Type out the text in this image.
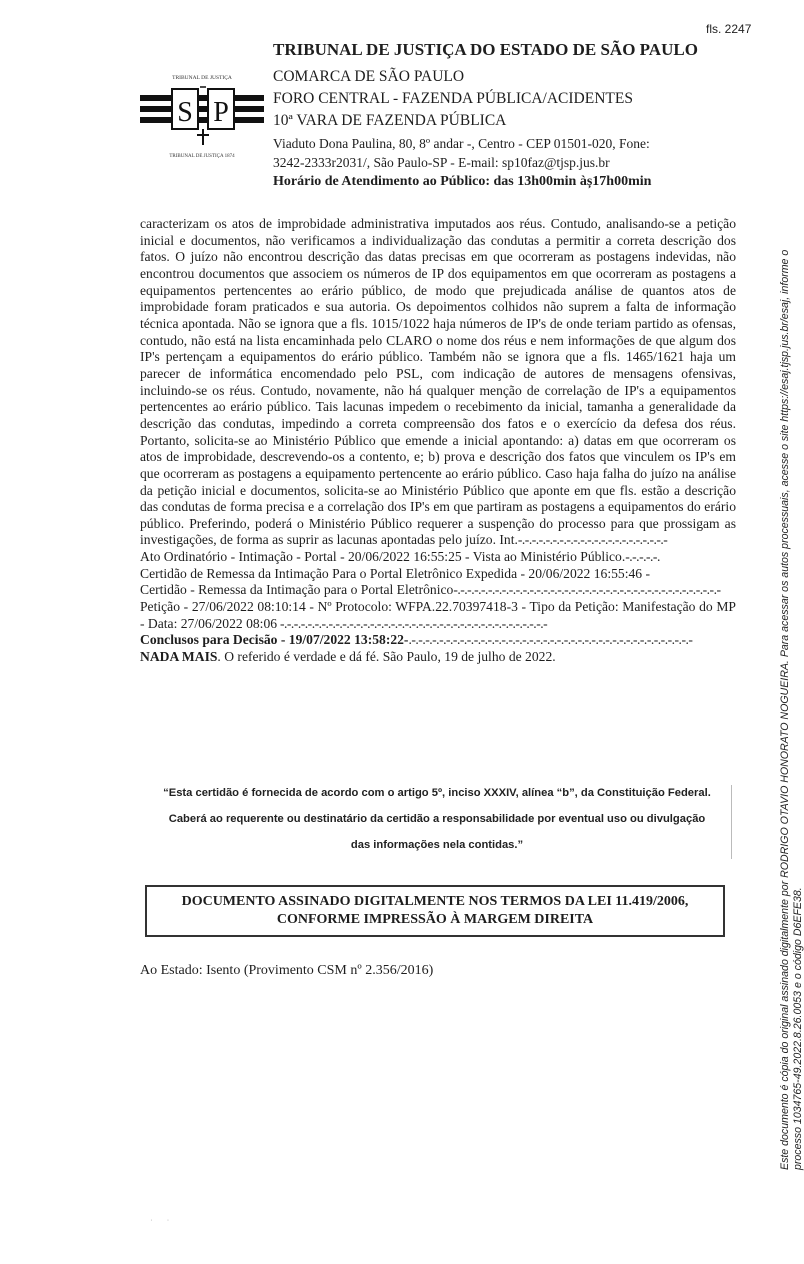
fls. 2247
TRIBUNAL DE JUSTIÇA
S P
TRIBUNAL DE JUSTIÇA 1874
TRIBUNAL DE JUSTIÇA DO ESTADO DE SÃO PAULO
COMARCA DE SÃO PAULO
FORO CENTRAL - FAZENDA PÚBLICA/ACIDENTES
10ª VARA DE FAZENDA PÚBLICA
Viaduto Dona Paulina, 80, 8º andar -, Centro - CEP 01501-020, Fone:
3242-2333r2031/, São Paulo-SP - E-mail: sp10faz@tjsp.jus.br
Horário de Atendimento ao Público: das 13h00min àș17h00min

caracterizam os atos de improbidade administrativa imputados aos réus. Contudo, analisando-se a petição inicial e documentos, não verificamos a individualização das condutas a permitir a correta descrição dos fatos. O juízo não encontrou descrição das datas precisas em que ocorreram as postagens indevidas, não encontrou documentos que associem os números de IP dos equipamentos em que ocorreram as postagens a equipamentos pertencentes ao erário público, de modo que prejudicada análise de quantos atos de improbidade foram praticados e sua autoria. Os depoimentos colhidos não suprem a falta de informação técnica apontada. Não se ignora que a fls. 1015/1022 haja números de IP's de onde teriam partido as ofensas, contudo, não está na lista encaminhada pelo CLARO o nome dos réus e nem informações de que algum dos IP's pertençam a equipamentos do erário público. Também não se ignora que a fls. 1465/1621 haja um parecer de informática encomendado pelo PSL, com indicação de autores de mensagens ofensivas, incluindo-se os réus. Contudo, novamente, não há qualquer menção de correlação de IP's a equipamentos pertencentes ao erário público. Tais lacunas impedem o recebimento da inicial, tamanha a generalidade da descrição das condutas, impedindo a correta compreensão dos fatos e o exercício da defesa dos réus. Portanto, solicita-se ao Ministério Público que emende a inicial apontando: a) datas em que ocorreram os atos de improbidade, descrevendo-os a contento, e; b) prova e descrição dos fatos que vinculem os IP's em que ocorreram as postagens a equipamento pertencente ao erário público. Caso haja falha do juízo na análise da petição inicial e documentos, solicita-se ao Ministério Público que aponte em que fls. estão a descrição das condutas de forma precisa e a correlação dos IP's em que partiram as postagens a equipamentos do erário público. Preferindo, poderá o Ministério Público requerer a suspenção do processo para que prossigam as investigações, de forma as suprir as lacunas apontadas pelo juízo. Int.-.-.-.-.-.-.-.-.-.-.-.-.-.-.-.-.-.-.-.-.-.-

Ato Ordinatório - Intimação - Portal - 20/06/2022 16:55:25 - Vista ao Ministério Público.-.-.-.-.-.

Certidão de Remessa da Intimação Para o Portal Eletrônico Expedida - 20/06/2022 16:55:46 -

Certidão - Remessa da Intimação para o Portal Eletrônico-.-.-.-.-.-.-.-.-.-.-.-.-.-.-.-.-.-.-.-.-.-.-.-.-.-.-.-.-.-.-.-.-.-.-.-.-.-.-

Petição - 27/06/2022 08:10:14 - Nº Protocolo: WFPA.22.70397418-3 - Tipo da Petição: Manifestação do MP - Data: 27/06/2022 08:06 -.-.-.-.-.-.-.-.-.-.-.-.-.-.-.-.-.-.-.-.-.-.-.-.-.-.-.-.-.-.-.-.-.-.-.-.-.-.-

Conclusos para Decisão - 19/07/2022 13:58:22-.-.-.-.-.-.-.-.-.-.-.-.-.-.-.-.-.-.-.-.-.-.-.-.-.-.-.-.-.-.-.-.-.-.-.-.-.-.-.-.-.-

NADA MAIS. O referido é verdade e dá fé. São Paulo, 19 de julho de 2022.

“Esta certidão é fornecida de acordo com o artigo 5º, inciso XXXIV, alínea “b”, da Constituição Federal.
Caberá ao requerente ou destinatário da certidão a responsabilidade por eventual uso ou divulgação
das informações nela contidas.”
DOCUMENTO ASSINADO DIGITALMENTE NOS TERMOS DA LEI 11.419/2006,
CONFORME IMPRESSÃO À MARGEM DIREITA
Ao Estado: Isento (Provimento CSM nº 2.356/2016)	Este documento é cópia do original assinado digitalmente por RODRIGO OTAVIO HONORATO NOGUEIRA. Para acessar os autos processuais, acesse o site https://esaj.tjsp.jus.br/esaj, informe o processo 1034765-49.2022.8.26.0053 e o código D6EFE38.
˙       ˙
